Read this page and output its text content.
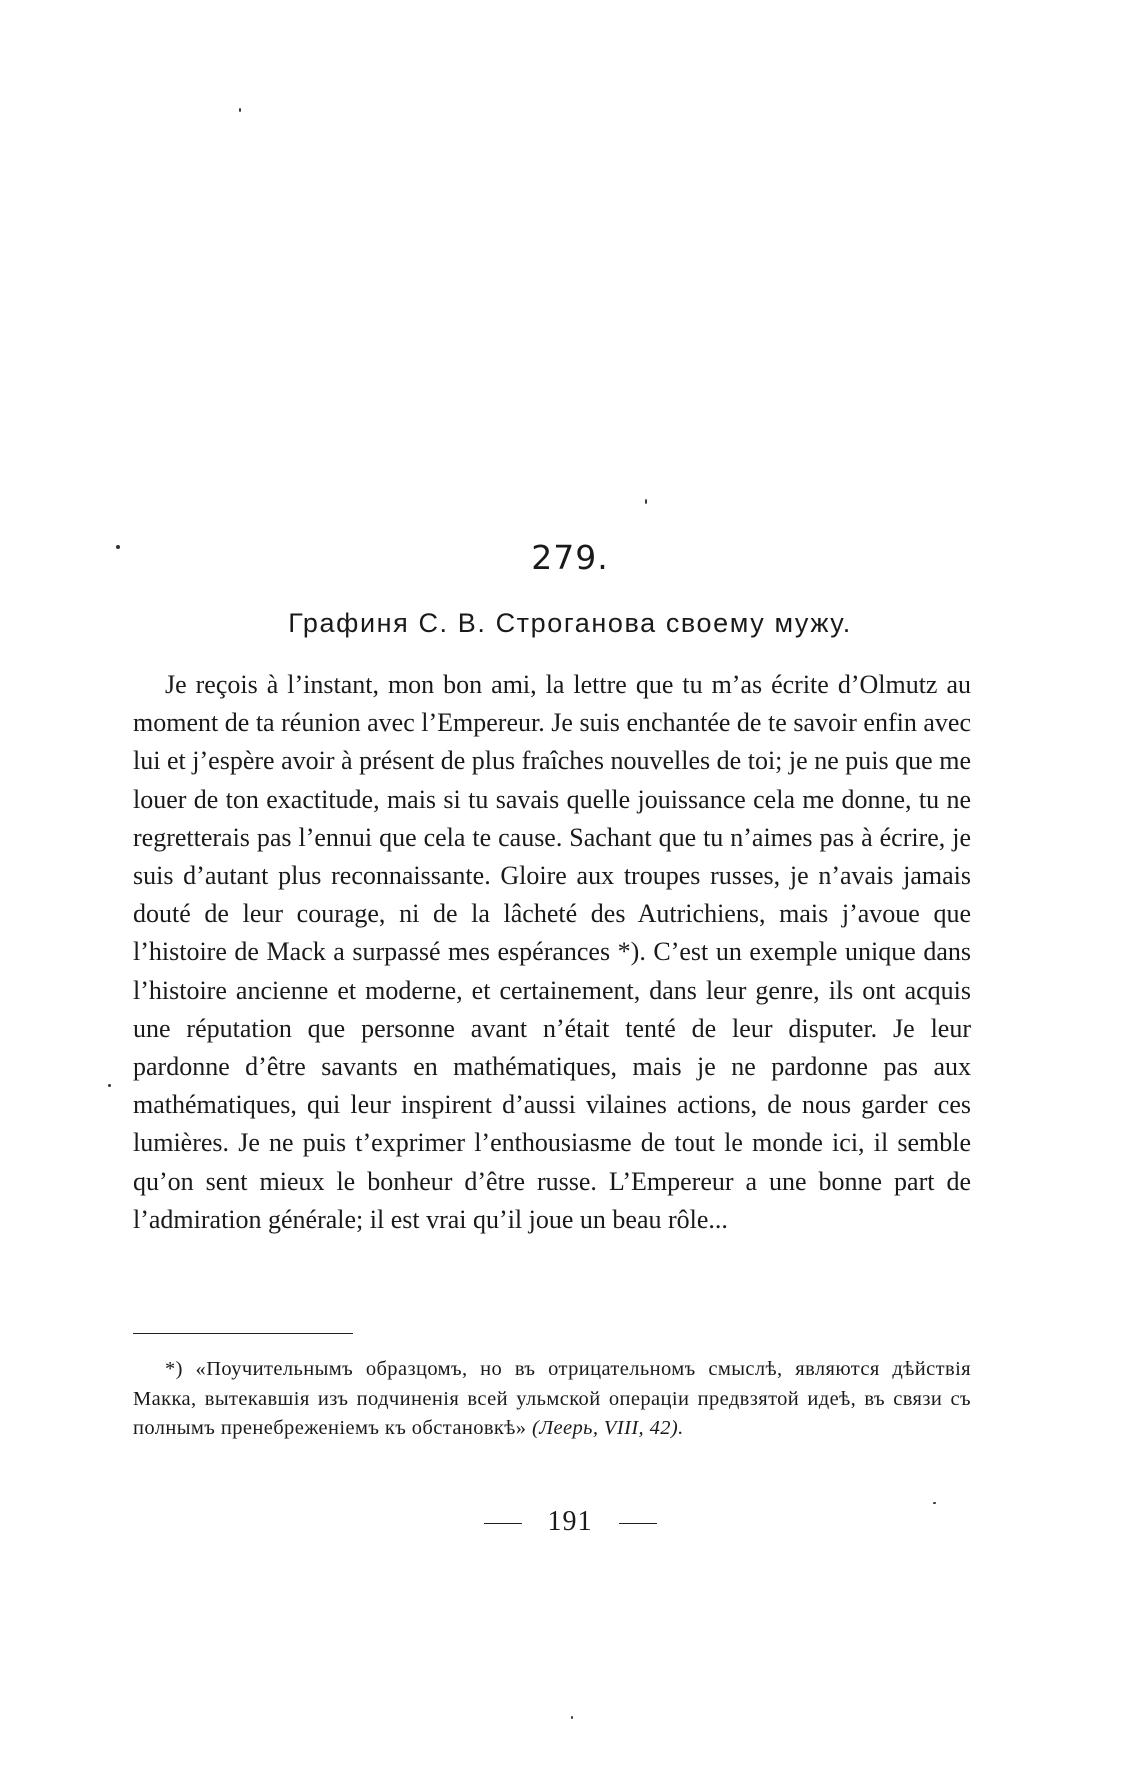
279.
Графиня С. В. Строганова своему мужу.

Je reçois à l’instant, mon bon ami, la lettre que tu m’as écrite d’Olmutz au moment de ta réunion avec l’Empereur. Je suis enchantée de te savoir enfin avec lui et j’espère avoir à présent de plus fraîches nouvelles de toi; je ne puis que me louer de ton exactitude, mais si tu savais quelle jouissance cela me donne, tu ne regretterais pas l’ennui que cela te cause. Sachant que tu n’aimes pas à écrire, je suis d’autant plus reconnaissante. Gloire aux troupes russes, je n’avais jamais douté de leur courage, ni de la lâcheté des Autrichiens, mais j’avoue que l’histoire de Mack a surpassé mes espérances *). C’est un exemple unique dans l’histoire ancienne et moderne, et certainement, dans leur genre, ils ont acquis une réputation que personne avant n’était tenté de leur disputer. Je leur pardonne d’être savants en mathématiques, mais je ne pardonne pas aux mathématiques, qui leur inspirent d’aussi vilaines actions, de nous garder ces lumières. Je ne puis t’exprimer l’enthousiasme de tout le monde ici, il semble qu’on sent mieux le bonheur d’être russe. L’Empereur a une bonne part de l’admiration générale; il est vrai qu’il joue un beau rôle...

*) «Поучительнымъ образцомъ, но въ отрицательномъ смыслѣ, являются дѣйствія Макка, вытекавшія изъ подчиненія всей ульмской операціи предвзятой идеѣ, въ связи съ полнымъ пренебреженіемъ къ обстановкѣ» (Леерь, VIII, 42).

191
